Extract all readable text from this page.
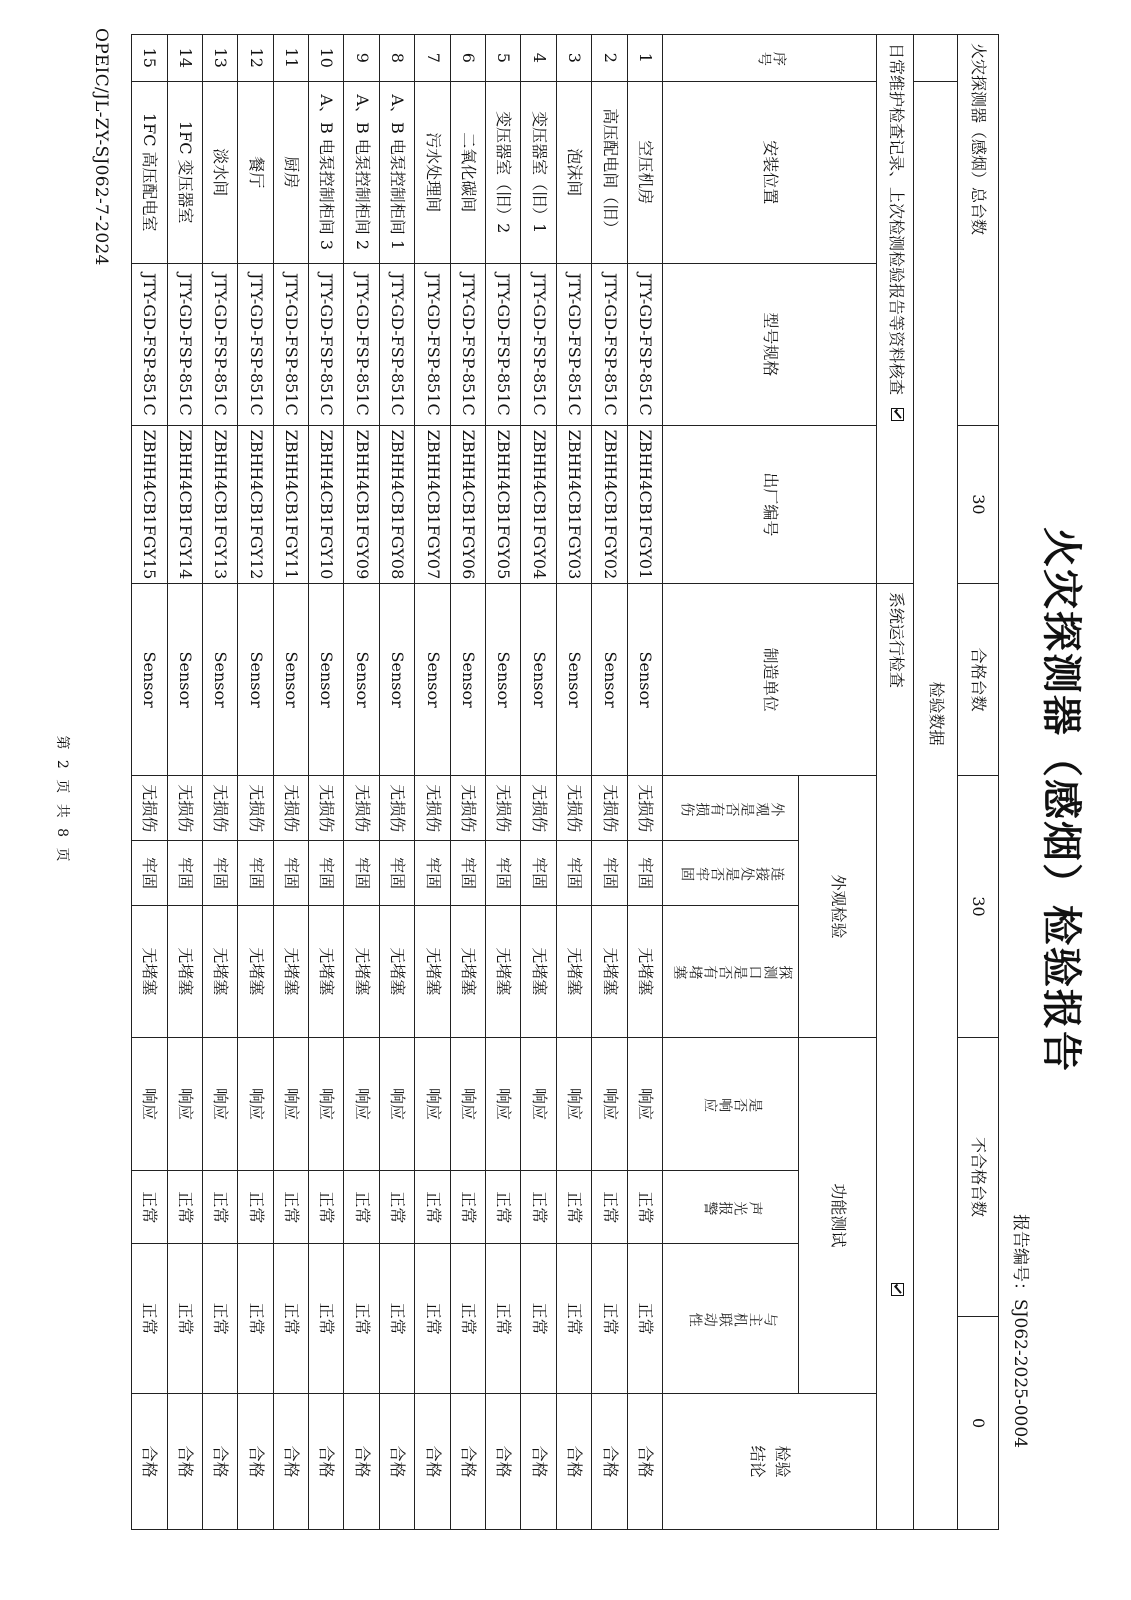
OPEIC/JL-ZY-SJ062-7-2024
火灾探测器（感烟）检验报告
报告编号：SJ062-2025-0004
火灾探测器（感烟）总台数			30	合格台数	30			不合格台数			0	
	检验数据											
日常维护检查记录、上次检测检验报告等资料核查				系统运行检查								
序号	安装位置	型号规格	出厂编号	制造单位	外观检验			功能测试				检验结论
					外观是否有损伤	连接处是否牢固	探测口是否有堵塞	是否响应	声光报警	与主机联动性		
1	空压机房	JTY-GD-FSP-851C	ZBHH4CB1FGY01	Sensor	无损伤	牢固	无堵塞	响应	正常	正常		合格
2	高压配电间（旧）	JTY-GD-FSP-851C	ZBHH4CB1FGY02	Sensor	无损伤	牢固	无堵塞	响应	正常	正常		合格
3	泡沫间	JTY-GD-FSP-851C	ZBHH4CB1FGY03	Sensor	无损伤	牢固	无堵塞	响应	正常	正常		合格
4	变压器室（旧）1	JTY-GD-FSP-851C	ZBHH4CB1FGY04	Sensor	无损伤	牢固	无堵塞	响应	正常	正常		合格
5	变压器室（旧）2	JTY-GD-FSP-851C	ZBHH4CB1FGY05	Sensor	无损伤	牢固	无堵塞	响应	正常	正常		合格
6	二氧化碳间	JTY-GD-FSP-851C	ZBHH4CB1FGY06	Sensor	无损伤	牢固	无堵塞	响应	正常	正常		合格
7	污水处理间	JTY-GD-FSP-851C	ZBHH4CB1FGY07	Sensor	无损伤	牢固	无堵塞	响应	正常	正常		合格
8	A、B 电泵控制柜间 1	JTY-GD-FSP-851C	ZBHH4CB1FGY08	Sensor	无损伤	牢固	无堵塞	响应	正常	正常		合格
9	A、B 电泵控制柜间 2	JTY-GD-FSP-851C	ZBHH4CB1FGY09	Sensor	无损伤	牢固	无堵塞	响应	正常	正常		合格
10	A、B 电泵控制柜间 3	JTY-GD-FSP-851C	ZBHH4CB1FGY10	Sensor	无损伤	牢固	无堵塞	响应	正常	正常		合格
11	厨房	JTY-GD-FSP-851C	ZBHH4CB1FGY11	Sensor	无损伤	牢固	无堵塞	响应	正常	正常		合格
12	餐厅	JTY-GD-FSP-851C	ZBHH4CB1FGY12	Sensor	无损伤	牢固	无堵塞	响应	正常	正常		合格
13	淡水间	JTY-GD-FSP-851C	ZBHH4CB1FGY13	Sensor	无损伤	牢固	无堵塞	响应	正常	正常		合格
14	1FC 变压器室	JTY-GD-FSP-851C	ZBHH4CB1FGY14	Sensor	无损伤	牢固	无堵塞	响应	正常	正常		合格
15	1FC 高压配电室	JTY-GD-FSP-851C	ZBHH4CB1FGY15	Sensor	无损伤	牢固	无堵塞	响应	正常	正常		合格
第 2 页 共 8 页
